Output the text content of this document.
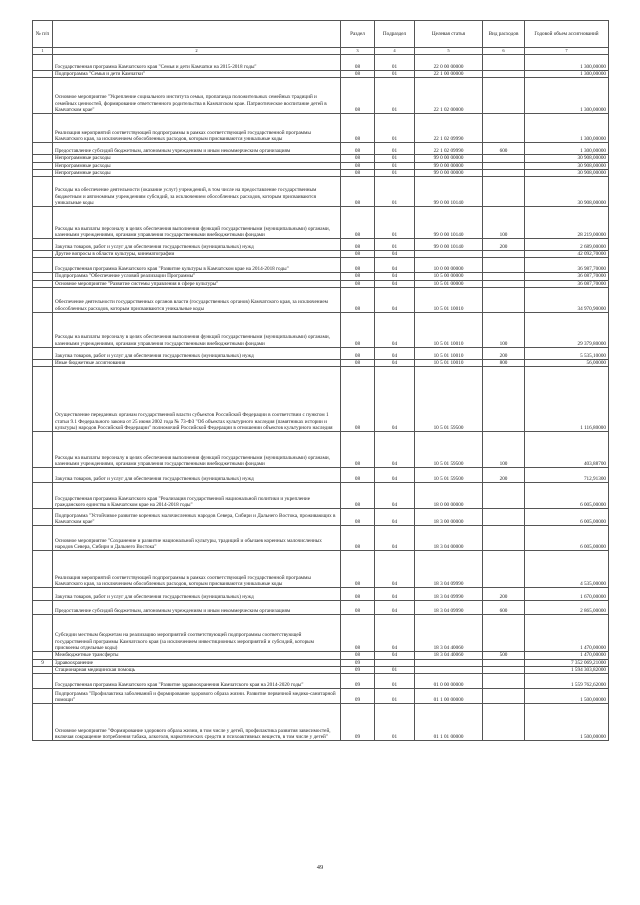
№ п/п		Раздел	Подраздел	Целевая статья	Вид расходов	Годовой объем ассигнований
1	2	3	4	5	6	7
	Государственная программа Камчатского края "Семья и дети Камчатки на 2015-2018 годы"	08	01	22 0 00 00000		1 300,00000
	Подпрограмма "Семья и дети Камчатки"	08	01	22 1 00 00000		1 300,00000
	Основное мероприятие "Укрепление социального института семьи, пропаганда положительных семейных традиций и семейных ценностей, формирование ответственного родительства в Камчатском крае. Патриотическое воспитание детей в Камчатском крае"	08	01	22 1 02 00000		1 300,00000
	Реализация мероприятий соответствующей подпрограммы в рамках соответствующей государственной программы Камчатского края, за исключением обособленных расходов, которым присваиваются уникальные коды	08	01	22 1 02 09990		1 300,00000
	Предоставление субсидий бюджетным, автономным учреждениям и иным некоммерческим организациям	08	01	22 1 02 09990	600	1 300,00000
	Непрограммные расходы	08	01	99 0 00 00000		30 908,00000
	Непрограммные расходы	08	01	99 0 00 00000		30 908,00000
	Непрограммные расходы	08	01	99 0 00 00000		30 908,00000
	Расходы на обеспечение деятельности (оказание услуг) учреждений, в том числе на предоставление государственным бюджетным и автономным учреждениям субсидий, за исключением обособленных расходов, которым присваиваются уникальные коды	08	01	99 0 00 10140		30 908,00000
	Расходы на выплаты персоналу в целях обеспечения выполнения функций государственными (муниципальными) органами, казенными учреждениями, органами управления государственными внебюджетными фондами	08	01	99 0 00 10140	100	28 219,00000
	Закупка товаров, работ и услуг для обеспечения государственных (муниципальных) нужд	08	01	99 0 00 10140	200	2 689,00000
	Другие вопросы в области культуры, кинематографии	08	04			42 092,70000
	Государственная программа Камчатского края "Развитие культуры в Камчатском крае на 2014-2018 годы"	08	04	10 0 00 00000		36 987,70000
	Подпрограмма "Обеспечение условий реализации Программы"	08	04	10 5 00 00000		36 087,70000
	Основное мероприятие "Развитие системы управления в сфере культуры"	08	04	10 5 01 00000		36 087,70000
	Обеспечение деятельности государственных органов власти (государственных органов) Камчатского края, за исключением обособленных расходов, которым присваиваются уникальные коды	08	04	10 5 01 10010		34 970,90000
	Расходы на выплаты персоналу в целях обеспечения выполнения функций государственными (муниципальными) органами, казенными учреждениями, органами управления государственными внебюджетными фондами	08	04	10 5 01 10010	100	29 379,80000
	Закупка товаров, работ и услуг для обеспечения государственных (муниципальных) нужд	08	04	10 5 01 10010	200	5 535,10000
	Иные бюджетные ассигнования	08	04	10 5 01 10010	800	56,00000
	Осуществление переданных органам государственной власти субъектов Российской Федерации в соответствии с пунктом 1 статьи 9.1 Федерального закона от 25 июня 2002 года № 73-ФЗ "Об объектах культурного наследия (памятниках истории и культуры) народов Российской Федерации" полномочий Российской Федерации в отношении объектов культурного наследия	08	04	10 5 01 59500		1 116,80000
	Расходы на выплаты персоналу в целях обеспечения выполнения функций государственными (муниципальными) органами, казенными учреждениями, органами управления государственными внебюджетными фондами	08	04	10 5 01 59500	100	403,88700
	Закупка товаров, работ и услуг для обеспечения государственных (муниципальных) нужд	08	04	10 5 01 59500	200	712,91300
	Государственная программа Камчатского края "Реализация государственной национальной политики и укрепление гражданского единства в Камчатском крае на 2014-2018 годы"	08	04	18 0 00 00000		6 005,00000
	Подпрограмма "Устойчивое развитие коренных малочисленных народов Севера, Сибири и Дальнего Востока, проживающих в Камчатском крае"	08	04	18 3 00 00000		6 005,00000
	Основное мероприятие "Сохранение и развитие национальной культуры, традиций и обычаев коренных малочисленных народов Севера, Сибири и Дальнего Востока"	08	04	18 3 04 00000		6 005,00000
	Реализация мероприятий соответствующей подпрограммы в рамках соответствующей государственной программы Камчатского края, за исключением обособленных расходов, которым присваиваются уникальные коды	08	04	18 3 04 09990		4 535,00000
	Закупка товаров, работ и услуг для обеспечения государственных (муниципальных) нужд	08	04	18 3 04 09990	200	1 670,00000
	Предоставление субсидий бюджетным, автономным учреждениям и иным некоммерческим организациям	08	04	18 3 04 09990	600	2 865,00000
	Субсидии местным бюджетам на реализацию мероприятий соответствующей подпрограммы соответствующей государственной программы Камчатского края (за исключением инвестиционных мероприятий и субсидий, которым присвоены отдельные коды)	08	04	18 3 04 40060		1 470,00000
	Межбюджетные трансферты	08	04	18 3 04 40060	500	1 470,00000
9	Здравоохранение	09				7 352 069,21000
	Стационарная медицинская помощь	09	01			1 594 303,82000
	Государственная программа Камчатского края "Развитие здравоохранения Камчатского края на 2014-2020 годы"	09	01	01 0 00 00000		1 559 762,62000
	Подпрограмма "Профилактика заболеваний и формирование здорового образа жизни. Развитие первичной медико-санитарной помощи"	09	01	01 1 00 00000		1 500,00000
	Основное мероприятие "Формирование здорового образа жизни, в том числе у детей, профилактика развития зависимостей, включая сокращение потребления табака, алкоголя, наркотических средств и психоактивных веществ, в том числе у детей"	09	01	01 1 01 00000		1 500,00000
49
